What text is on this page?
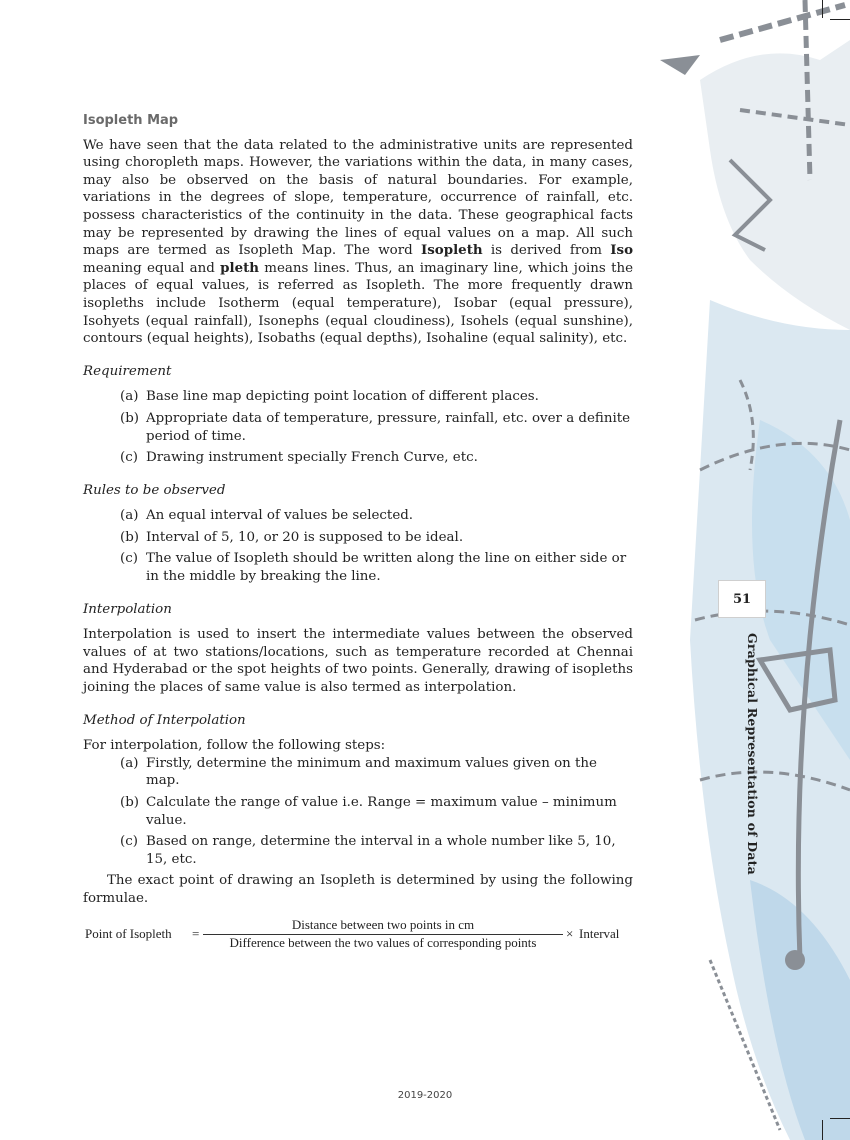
Isopleth Map

We have seen that the data related to the administrative units are represented using choropleth maps. However, the variations within the data, in many cases, may also be observed on the basis of natural boundaries. For example, variations in the degrees of slope, temperature, occurrence of rainfall, etc. possess characteristics of the continuity in the data. These geographical facts may be represented by drawing the lines of equal values on a map. All such maps are termed as Isopleth Map. The word Isopleth is derived from Iso meaning equal and pleth means lines. Thus, an imaginary line, which joins the places of equal values, is referred as Isopleth. The more frequently drawn isopleths include Isotherm (equal temperature), Isobar (equal pressure), Isohyets (equal rainfall), Isonephs (equal cloudiness), Isohels (equal sunshine), contours (equal heights), Isobaths (equal depths), Isohaline (equal salinity), etc.

Requirement
(a) Base line map depicting point location of different places.
(b) Appropriate data of temperature, pressure, rainfall, etc. over a definite period of time.
(c) Drawing instrument specially French Curve, etc.
Rules to be observed
(a) An equal interval of values be selected.
(b) Interval of 5, 10, or 20 is supposed to be ideal.
(c) The value of Isopleth should be written along the line on either side or in the middle by breaking the line.
Interpolation

Interpolation is used to insert the intermediate values between the observed values of at two stations/locations, such as temperature recorded at Chennai and Hyderabad or the spot heights of two points. Generally, drawing of isopleths joining the places of same value is also termed as interpolation.

Method of Interpolation

For interpolation, follow the following steps:

(a) Firstly, determine the minimum and maximum values given on the map.
(b) Calculate the range of value i.e. Range = maximum value – minimum value.
(c) Based on range, determine the interval in a whole number like 5, 10, 15, etc.

The exact point of drawing an Isopleth is determined by using the following formulae.

Point of Isopleth =
Distance between two points in cm
Difference between the two values of corresponding points
× Interval
51
Graphical Representation of Data
2019-2020
